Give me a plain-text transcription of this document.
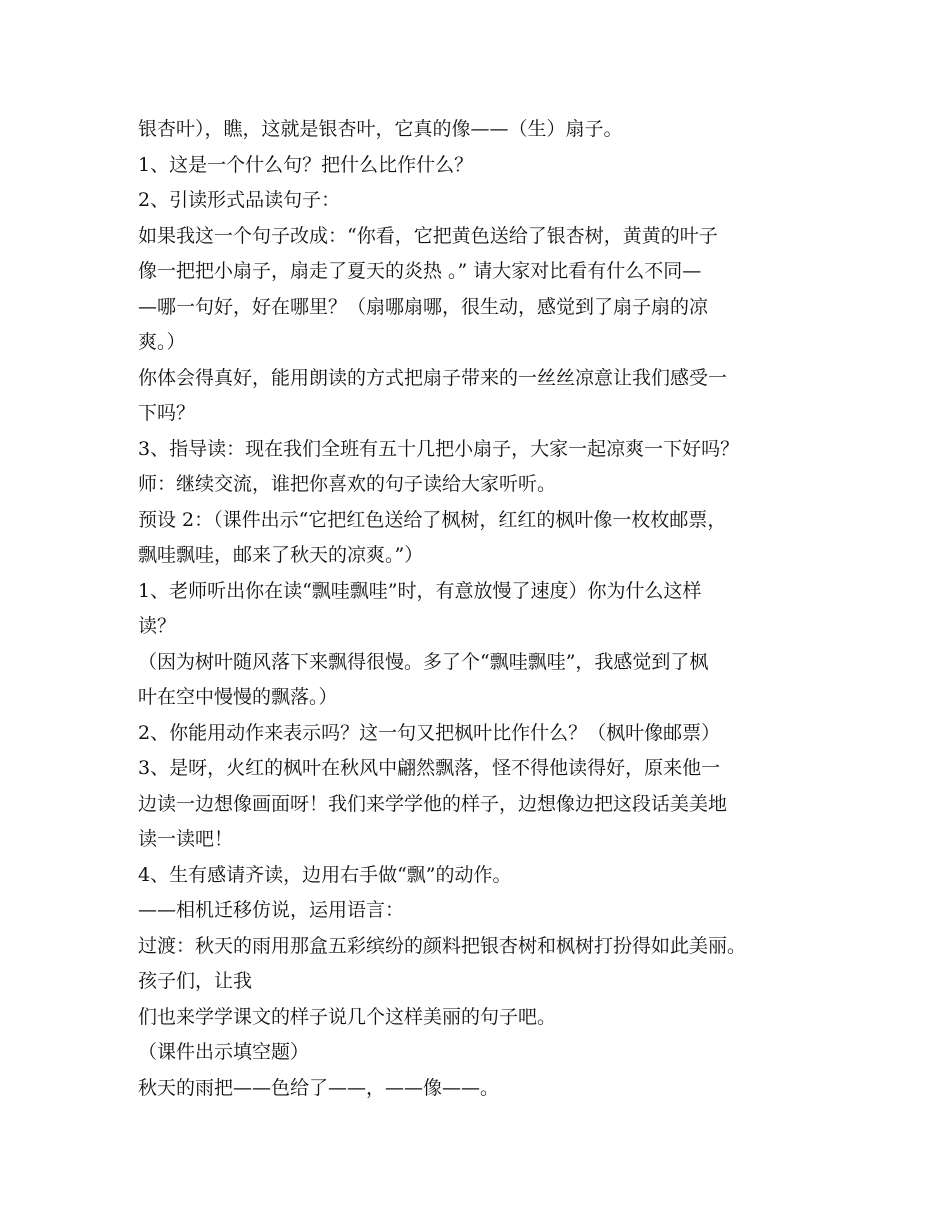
银杏叶），瞧，这就是银杏叶，它真的像——（生）扇子。

1、这是一个什么句？把什么比作什么？

2、引读形式品读句子：

如果我这一个句子改成：“你看，它把黄色送给了银杏树，黄黄的叶子

像一把把小扇子，扇走了夏天的炎热 。” 请大家对比看有什么不同—

—哪一句好，好在哪里？（扇哪扇哪，很生动，感觉到了扇子扇的凉

爽。）

你体会得真好，能用朗读的方式把扇子带来的一丝丝凉意让我们感受一

下吗？

3、指导读：现在我们全班有五十几把小扇子，大家一起凉爽一下好吗？

师：继续交流，谁把你喜欢的句子读给大家听听。

预设 2：（课件出示“它把红色送给了枫树，红红的枫叶像一枚枚邮票，

飘哇飘哇，邮来了秋天的凉爽。”）

1、老师听出你在读“飘哇飘哇”时，有意放慢了速度）你为什么这样

读？

（因为树叶随风落下来飘得很慢。多了个“飘哇飘哇”，我感觉到了枫

叶在空中慢慢的飘落。）

2、你能用动作来表示吗？这一句又把枫叶比作什么？（枫叶像邮票）

3、是呀，火红的枫叶在秋风中翩然飘落，怪不得他读得好，原来他一

边读一边想像画面呀！我们来学学他的样子，边想像边把这段话美美地

读一读吧！

4、生有感请齐读，边用右手做“飘”的动作。

——相机迁移仿说，运用语言：

过渡：秋天的雨用那盒五彩缤纷的颜料把银杏树和枫树打扮得如此美丽。

孩子们，让我

们也来学学课文的样子说几个这样美丽的句子吧。

（课件出示填空题）

秋天的雨把——色给了——，——像——。
